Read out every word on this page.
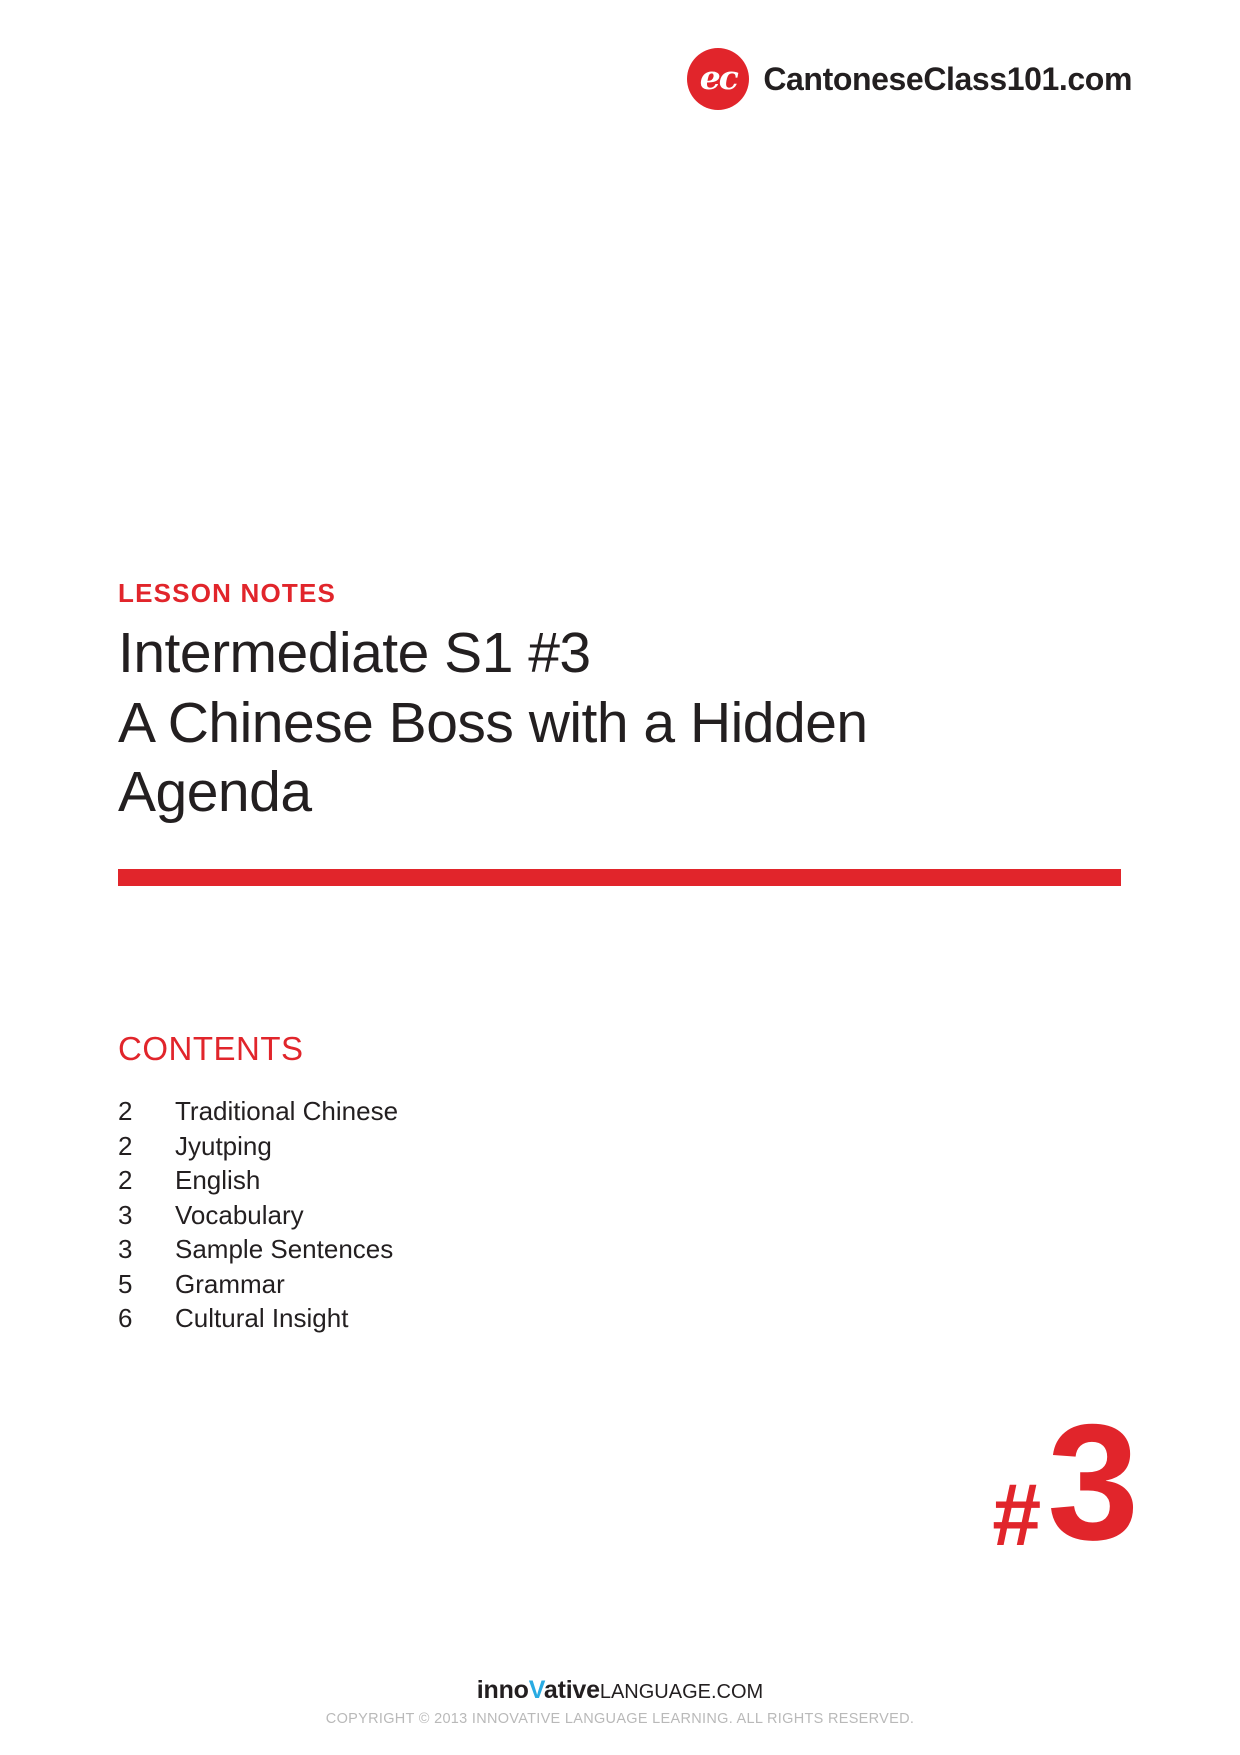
ec CantoneseClass101.com
LESSON NOTES
Intermediate S1 #3
A Chinese Boss with a Hidden
Agenda
CONTENTS
2	Traditional Chinese
2	Jyutping
2	English
3	Vocabulary
3	Sample Sentences
5	Grammar
6	Cultural Insight
# 3
innoVativeLANGUAGE.COM
COPYRIGHT © 2013 INNOVATIVE LANGUAGE LEARNING. ALL RIGHTS RESERVED.
